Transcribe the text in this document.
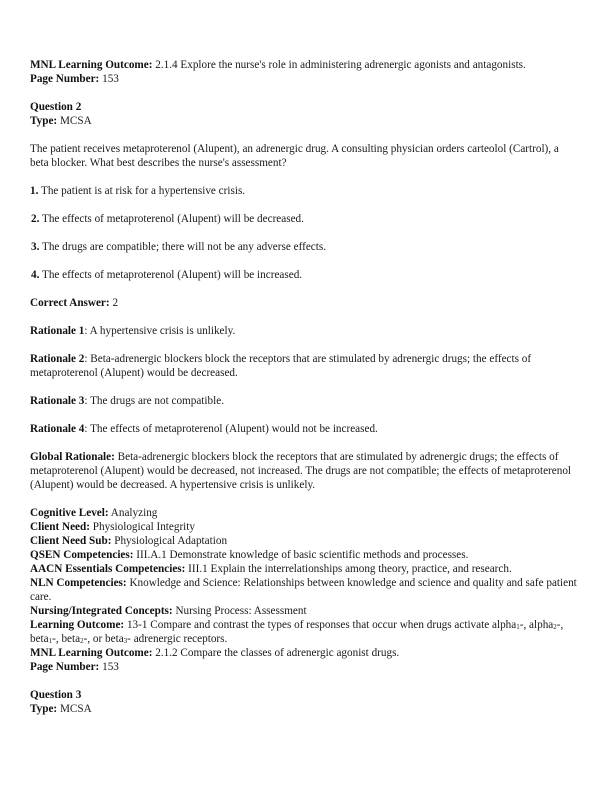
MNL Learning Outcome: 2.1.4 Explore the nurse's role in administering adrenergic agonists and antagonists.

Page Number: 153

Question 2

Type: MCSA

The patient receives metaproterenol (Alupent), an adrenergic drug. A consulting physician orders carteolol (Cartrol), a beta blocker. What best describes the nurse's assessment?

1. The patient is at risk for a hypertensive crisis.

2. The effects of metaproterenol (Alupent) will be decreased.

3. The drugs are compatible; there will not be any adverse effects.

4. The effects of metaproterenol (Alupent) will be increased.

Correct Answer: 2

Rationale 1: A hypertensive crisis is unlikely.

Rationale 2: Beta-adrenergic blockers block the receptors that are stimulated by adrenergic drugs; the effects of metaproterenol (Alupent) would be decreased.

Rationale 3: The drugs are not compatible.

Rationale 4: The effects of metaproterenol (Alupent) would not be increased.

Global Rationale: Beta-adrenergic blockers block the receptors that are stimulated by adrenergic drugs; the effects of metaproterenol (Alupent) would be decreased, not increased. The drugs are not compatible; the effects of metaproterenol (Alupent) would be decreased. A hypertensive crisis is unlikely.

Cognitive Level: Analyzing

Client Need: Physiological Integrity

Client Need Sub: Physiological Adaptation

QSEN Competencies: III.A.1 Demonstrate knowledge of basic scientific methods and processes.

AACN Essentials Competencies: III.1 Explain the interrelationships among theory, practice, and research.

NLN Competencies: Knowledge and Science: Relationships between knowledge and science and quality and safe patient care.

Nursing/Integrated Concepts: Nursing Process: Assessment

Learning Outcome: 13-1 Compare and contrast the types of responses that occur when drugs activate alpha$_1$-, alpha$_2$-, beta$_1$-, beta$_2$-, or beta$_3$- adrenergic receptors.

MNL Learning Outcome: 2.1.2 Compare the classes of adrenergic agonist drugs.

Page Number: 153

Question 3

Type: MCSA
